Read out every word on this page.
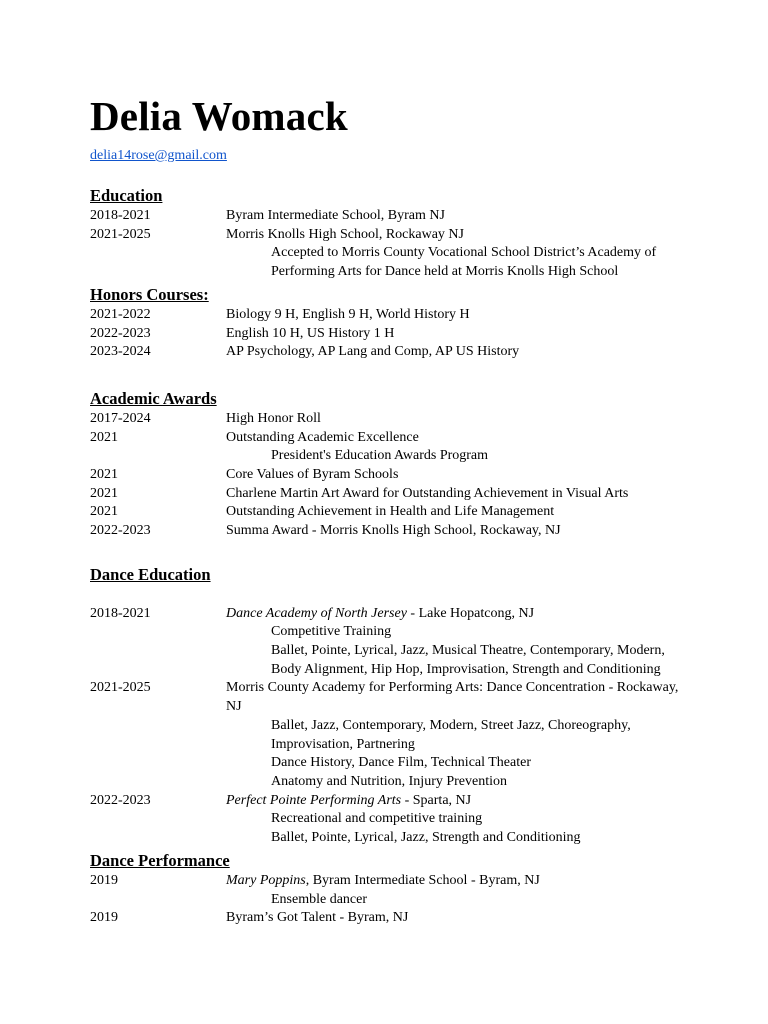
Delia Womack
delia14rose@gmail.com
Education
2018-2021	Byram Intermediate School, Byram NJ
2021-2025	Morris Knolls High School, Rockaway NJ
Accepted to Morris County Vocational School District’s Academy of
Performing Arts for Dance held at Morris Knolls High School
Honors Courses:
2021-2022	Biology 9 H, English 9 H, World History H
2022-2023	English 10 H, US History 1 H
2023-2024	AP Psychology, AP Lang and Comp, AP US History
Academic Awards
2017-2024	High Honor Roll
2021	Outstanding Academic Excellence
President's Education Awards Program
2021	Core Values of Byram Schools
2021	Charlene Martin Art Award for Outstanding Achievement in Visual Arts
2021	Outstanding Achievement in Health and Life Management
2022-2023	Summa Award - Morris Knolls High School, Rockaway, NJ
Dance Education
2018-2021	Dance Academy of North Jersey - Lake Hopatcong, NJ
Competitive Training
Ballet, Pointe, Lyrical, Jazz, Musical Theatre, Contemporary, Modern,
Body Alignment, Hip Hop, Improvisation, Strength and Conditioning
2021-2025	Morris County Academy for Performing Arts: Dance Concentration - Rockaway,
NJ
Ballet, Jazz, Contemporary, Modern, Street Jazz, Choreography,
Improvisation, Partnering
Dance History, Dance Film, Technical Theater
Anatomy and Nutrition, Injury Prevention
2022-2023	Perfect Pointe Performing Arts - Sparta, NJ
Recreational and competitive training
Ballet, Pointe, Lyrical, Jazz, Strength and Conditioning
Dance Performance
2019	Mary Poppins, Byram Intermediate School - Byram, NJ
Ensemble dancer
2019	Byram’s Got Talent - Byram, NJ
